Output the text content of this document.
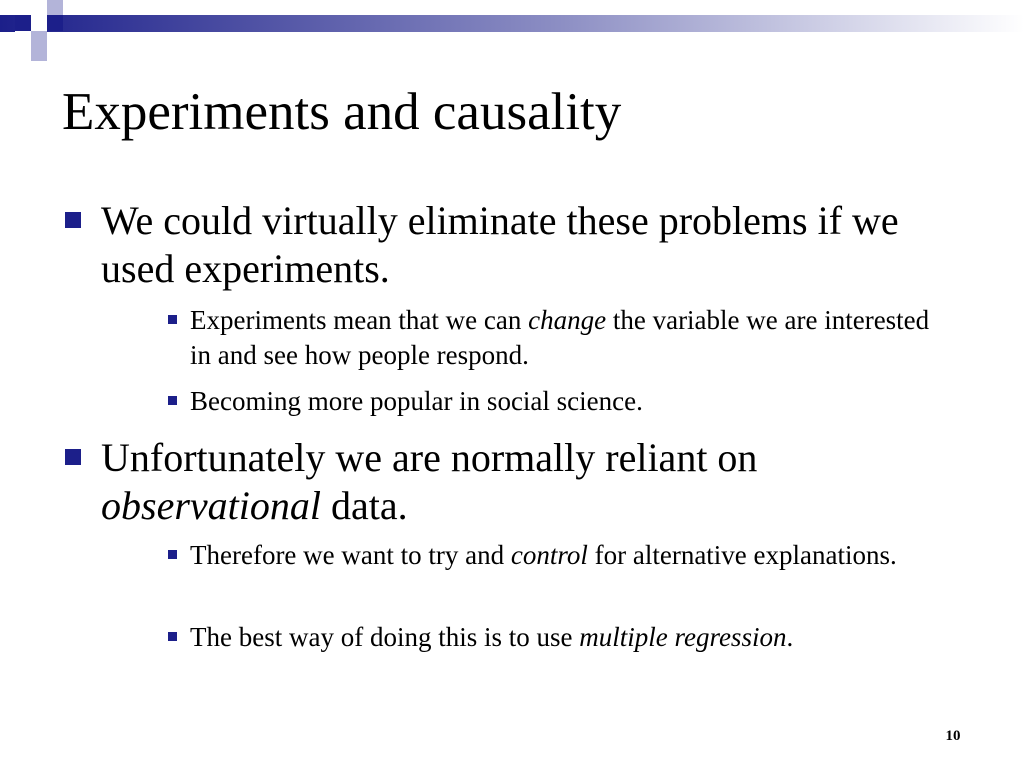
Experiments and causality
We could virtually eliminate these problems if we used experiments.
Experiments mean that we can change the variable we are interested in and see how people respond.
Becoming more popular in social science.
Unfortunately we are normally reliant on observational data.
Therefore we want to try and control for alternative explanations.
The best way of doing this is to use multiple regression.
10
